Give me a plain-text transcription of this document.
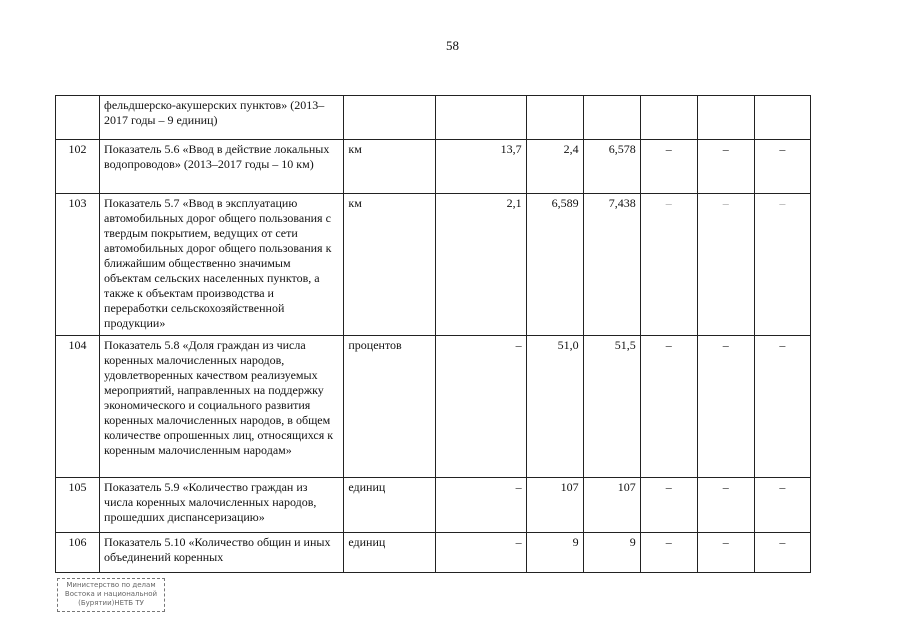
58
	фельдшерско-акушерских пунктов» (2013–2017 годы – 9 единиц)							
102	Показатель 5.6 «Ввод в действие локальных водопроводов» (2013–2017 годы – 10 км)	км	13,7	2,4	6,578	–	–	–
103	Показатель 5.7 «Ввод в эксплуатацию автомобильных дорог общего пользования с твердым покрытием, ведущих от сети автомобильных дорог общего пользования к ближайшим общественно значимым объектам сельских населенных пунктов, а также к объектам производства и переработки сельскохозяйственной продукции»	км	2,1	6,589	7,438	–	–	–
104	Показатель 5.8 «Доля граждан из числа коренных малочисленных народов, удовлетворенных качеством реализуемых мероприятий, направленных на поддержку экономического и социального развития коренных малочисленных народов, в общем количестве опрошенных лиц, относящихся к коренным малочисленным народам»	процентов	–	51,0	51,5	–	–	–
105	Показатель 5.9 «Количество граждан из числа коренных малочисленных народов, прошедших диспансеризацию»	единиц	–	107	107	–	–	–
106	Показатель 5.10 «Количество общин и иных объединений коренных	единиц	–	9	9	–	–	–
Министерство по делам
Востока и национальной
(Бурятии)НЕТБ ТУ
